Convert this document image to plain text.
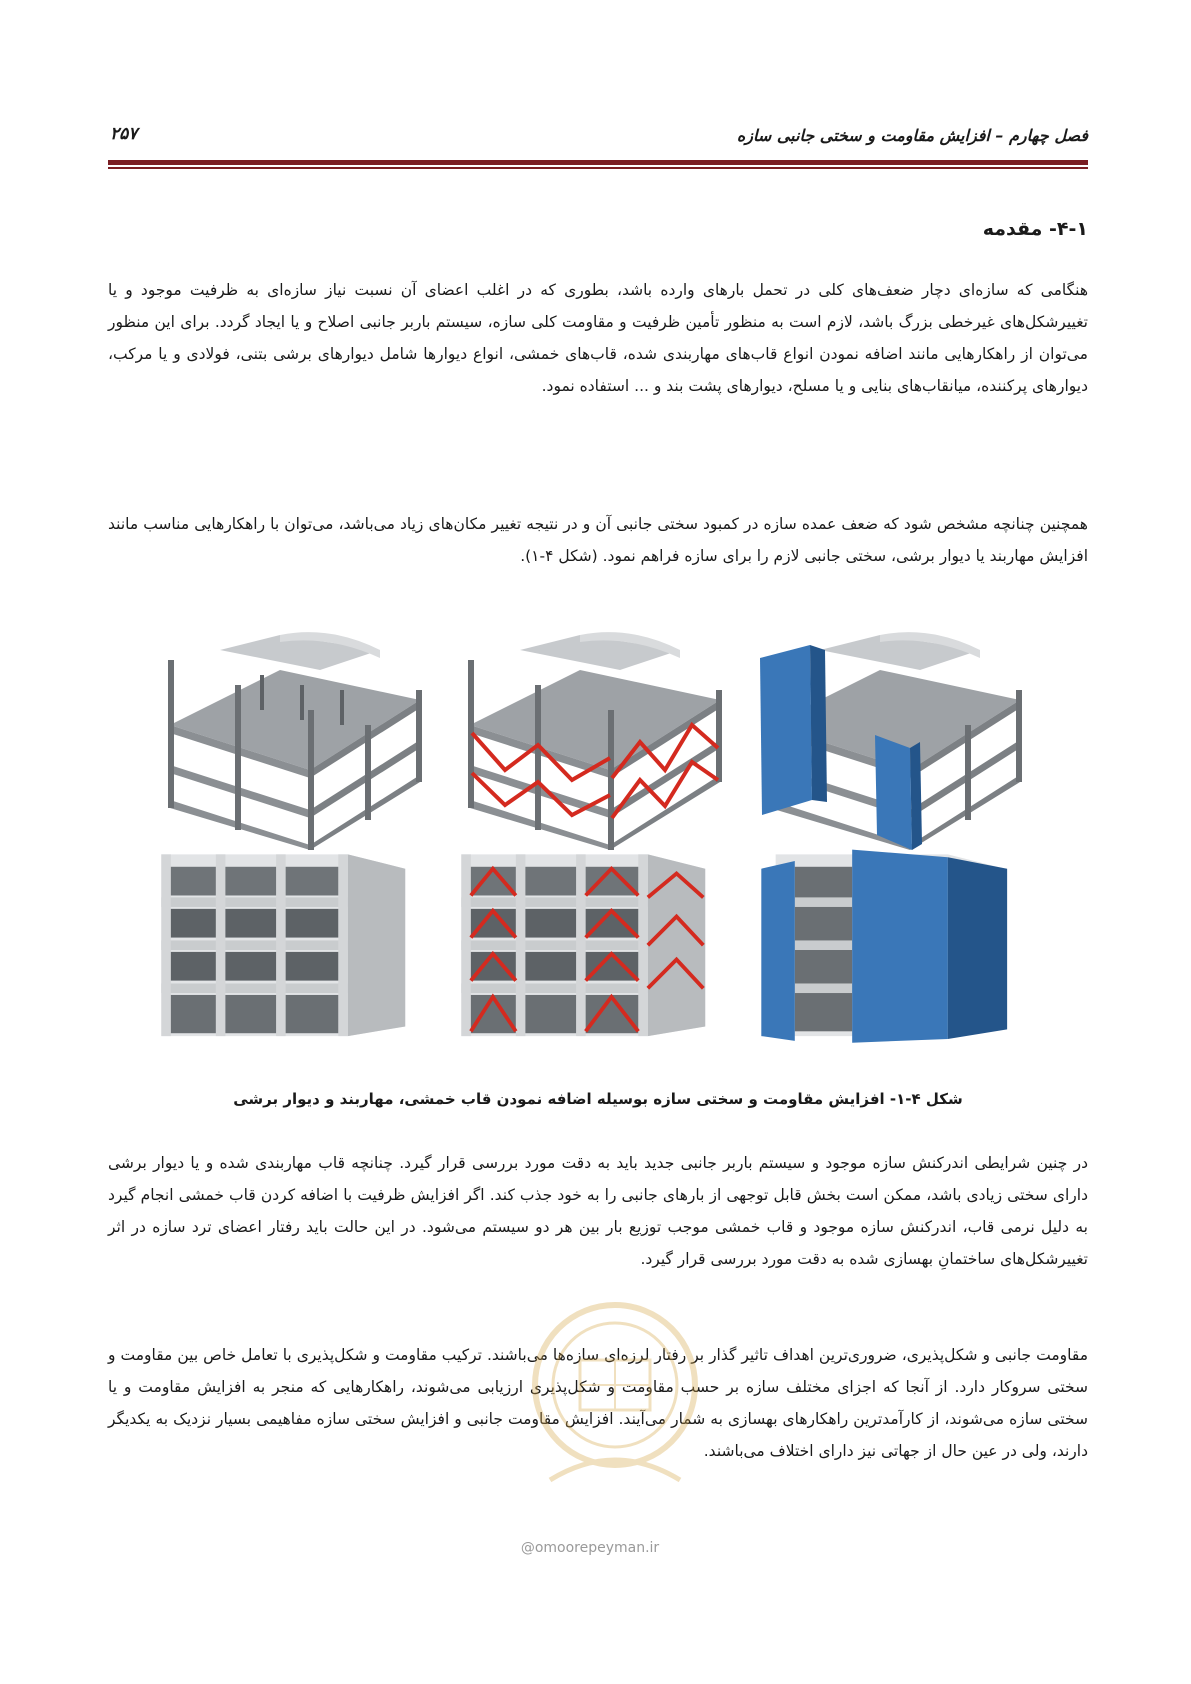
فصل چهارم – افزایش مقاومت و سختی جانبی سازه
۲۵۷
۴-۱- مقدمه

هنگامی که سازه‌ای دچار ضعف‌های کلی در تحمل بارهای وارده باشد، بطوری که در اغلب اعضای آن نسبت نیاز سازه‌ای به ظرفیت موجود و یا تغییرشکل‌های غیرخطی بزرگ باشد، لازم است به منظور تأمین ظرفیت و مقاومت کلی سازه، سیستم باربر جانبی اصلاح و یا ایجاد گردد. برای این منظور می‌توان از راهکارهایی مانند اضافه نمودن انواع قاب‌های مهاربندی شده، قاب‌های خمشی، انواع دیوارها شامل دیوارهای برشی بتنی، فولادی و یا مرکب، دیوارهای پرکننده، میانقاب‌های بنایی و یا مسلح، دیوارهای پشت بند و ... استفاده نمود.

همچنین چنانچه مشخص شود که ضعف عمده سازه در کمبود سختی جانبی آن و در نتیجه تغییر مکان‌های زیاد می‌باشد، می‌توان با راهکارهایی مناسب مانند افزایش مهاربند یا دیوار برشی، سختی جانبی لازم را برای سازه فراهم نمود. (شکل ۴-۱).

شکل ۴-۱- افزایش مقاومت و سختی سازه بوسیله اضافه نمودن قاب خمشی، مهاربند و دیوار برشی

در چنین شرایطی اندرکنش سازه موجود و سیستم باربر جانبی جدید باید به دقت مورد بررسی قرار گیرد. چنانچه قاب مهاربندی شده و یا دیوار برشی دارای سختی زیادی باشد، ممکن است بخش قابل توجهی از بارهای جانبی را به خود جذب کند. اگر افزایش ظرفیت با اضافه کردن قاب خمشی انجام گیرد به دلیل نرمی قاب، اندرکنش سازه موجود و قاب خمشی موجب توزیع بار بین هر دو سیستم می‌شود. در این حالت باید رفتار اعضای ترد سازه در اثر تغییرشکل‌های ساختمانِ بهسازی شده به دقت مورد بررسی قرار گیرد.

مقاومت جانبی و شکل‌پذیری، ضروری‌ترین اهداف تاثیر گذار بر رفتار لرزه‌ای سازه‌ها می‌باشند. ترکیب مقاومت و شکل‌پذیری با تعامل خاص بین مقاومت و سختی سروکار دارد. از آنجا که اجزای مختلف سازه بر حسب مقاومت و شکل‌پذیری ارزیابی می‌شوند، راهکارهایی که منجر به افزایش مقاومت و یا سختی سازه می‌شوند، از کارآمدترین راهکارهای بهسازی به شمار می‌آیند. افزایش مقاومت جانبی و افزایش سختی سازه مفاهیمی بسیار نزدیک به یکدیگر دارند، ولی در عین حال از جهاتی نیز دارای اختلاف می‌باشند.

@omoorepeyman.ir
